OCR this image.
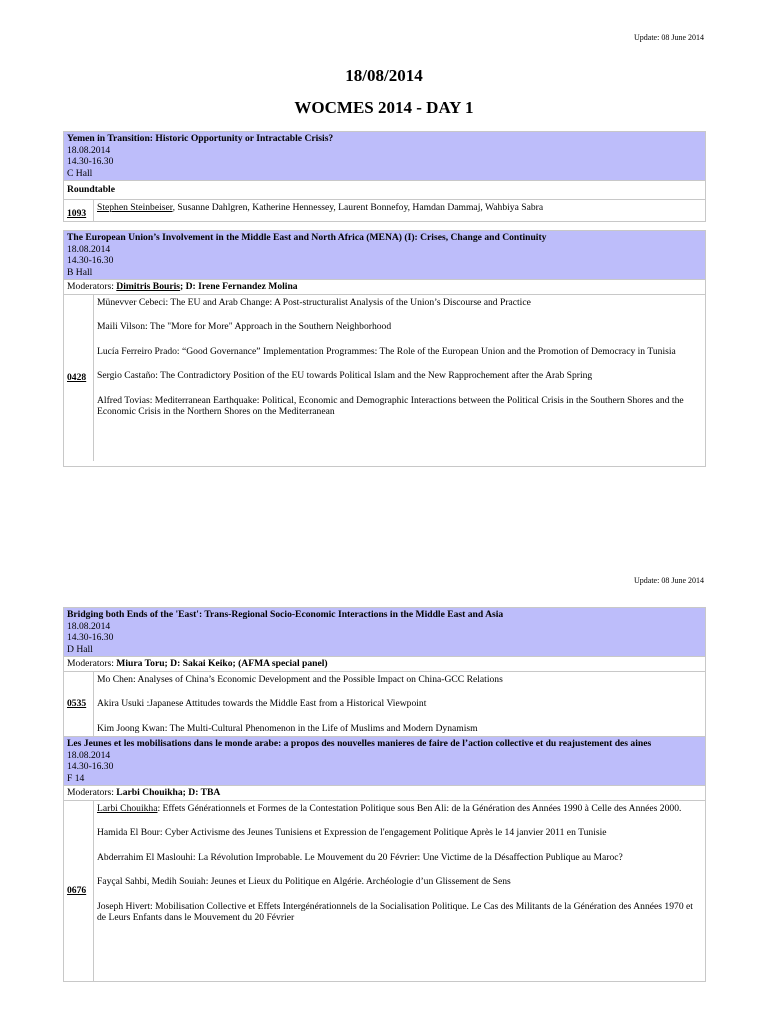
Update: 08 June 2014
18/08/2014
WOCMES 2014 - DAY 1
Yemen in Transition: Historic Opportunity or Intractable Crisis?
18.08.2014
14.30-16.30
C Hall
Roundtable
1093
Stephen Steinbeiser, Susanne Dahlgren, Katherine Hennessey, Laurent Bonnefoy, Hamdan Dammaj, Wahbiya Sabra
The European Union’s Involvement in the Middle East and North Africa (MENA) (I): Crises, Change and Continuity
18.08.2014
14.30-16.30
B Hall
Moderators: Dimitris Bouris; D: Irene Fernandez Molina
0428

Münevver Cebeci: The EU and Arab Change: A Post-structuralist Analysis of the Union’s Discourse and Practice

Maili Vilson: The "More for More" Approach in the Southern Neighborhood

Lucía Ferreiro Prado: “Good Governance” Implementation Programmes: The Role of the European Union and the Promotion of Democracy in Tunisia

Sergio Castaño: The Contradictory Position of the EU towards Political Islam and the New Rapprochement after the Arab Spring

Alfred Tovias: Mediterranean Earthquake: Political, Economic and Demographic Interactions between the Political Crisis in the Southern Shores and the Economic Crisis in the Northern Shores on the Mediterranean

Update: 08 June 2014
Bridging both Ends of the 'East': Trans-Regional Socio-Economic Interactions in the Middle East and Asia
18.08.2014
14.30-16.30
D Hall
Moderators: Miura Toru; D: Sakai Keiko; (AFMA special panel)
0535

Mo Chen: Analyses of China’s Economic Development and the Possible Impact on China-GCC Relations

Akira Usuki :Japanese Attitudes towards the Middle East from a Historical Viewpoint

Kim Joong Kwan: The Multi-Cultural Phenomenon in the Life of Muslims and Modern Dynamism

Les Jeunes et les mobilisations dans le monde arabe: a propos des nouvelles manieres de faire de l’action collective et du reajustement des aines
18.08.2014
14.30-16.30
F 14
Moderators: Larbi Chouikha; D: TBA
0676

Larbi Chouikha: Effets Générationnels et Formes de la Contestation Politique sous Ben Ali: de la Génération des Années 1990 à Celle des Années 2000.

Hamida El Bour: Cyber Activisme des Jeunes Tunisiens et Expression de l'engagement Politique Après le 14 janvier 2011 en Tunisie

Abderrahim El Maslouhi: La Révolution Improbable. Le Mouvement du 20 Février: Une Victime de la Désaffection Publique au Maroc?

Fayçal Sahbi, Medih Souiah: Jeunes et Lieux du Politique en Algérie. Archéologie d’un Glissement de Sens

Joseph Hivert: Mobilisation Collective et Effets Intergénérationnels de la Socialisation Politique. Le Cas des Militants de la Génération des Années 1970 et de Leurs Enfants dans le Mouvement du 20 Février
